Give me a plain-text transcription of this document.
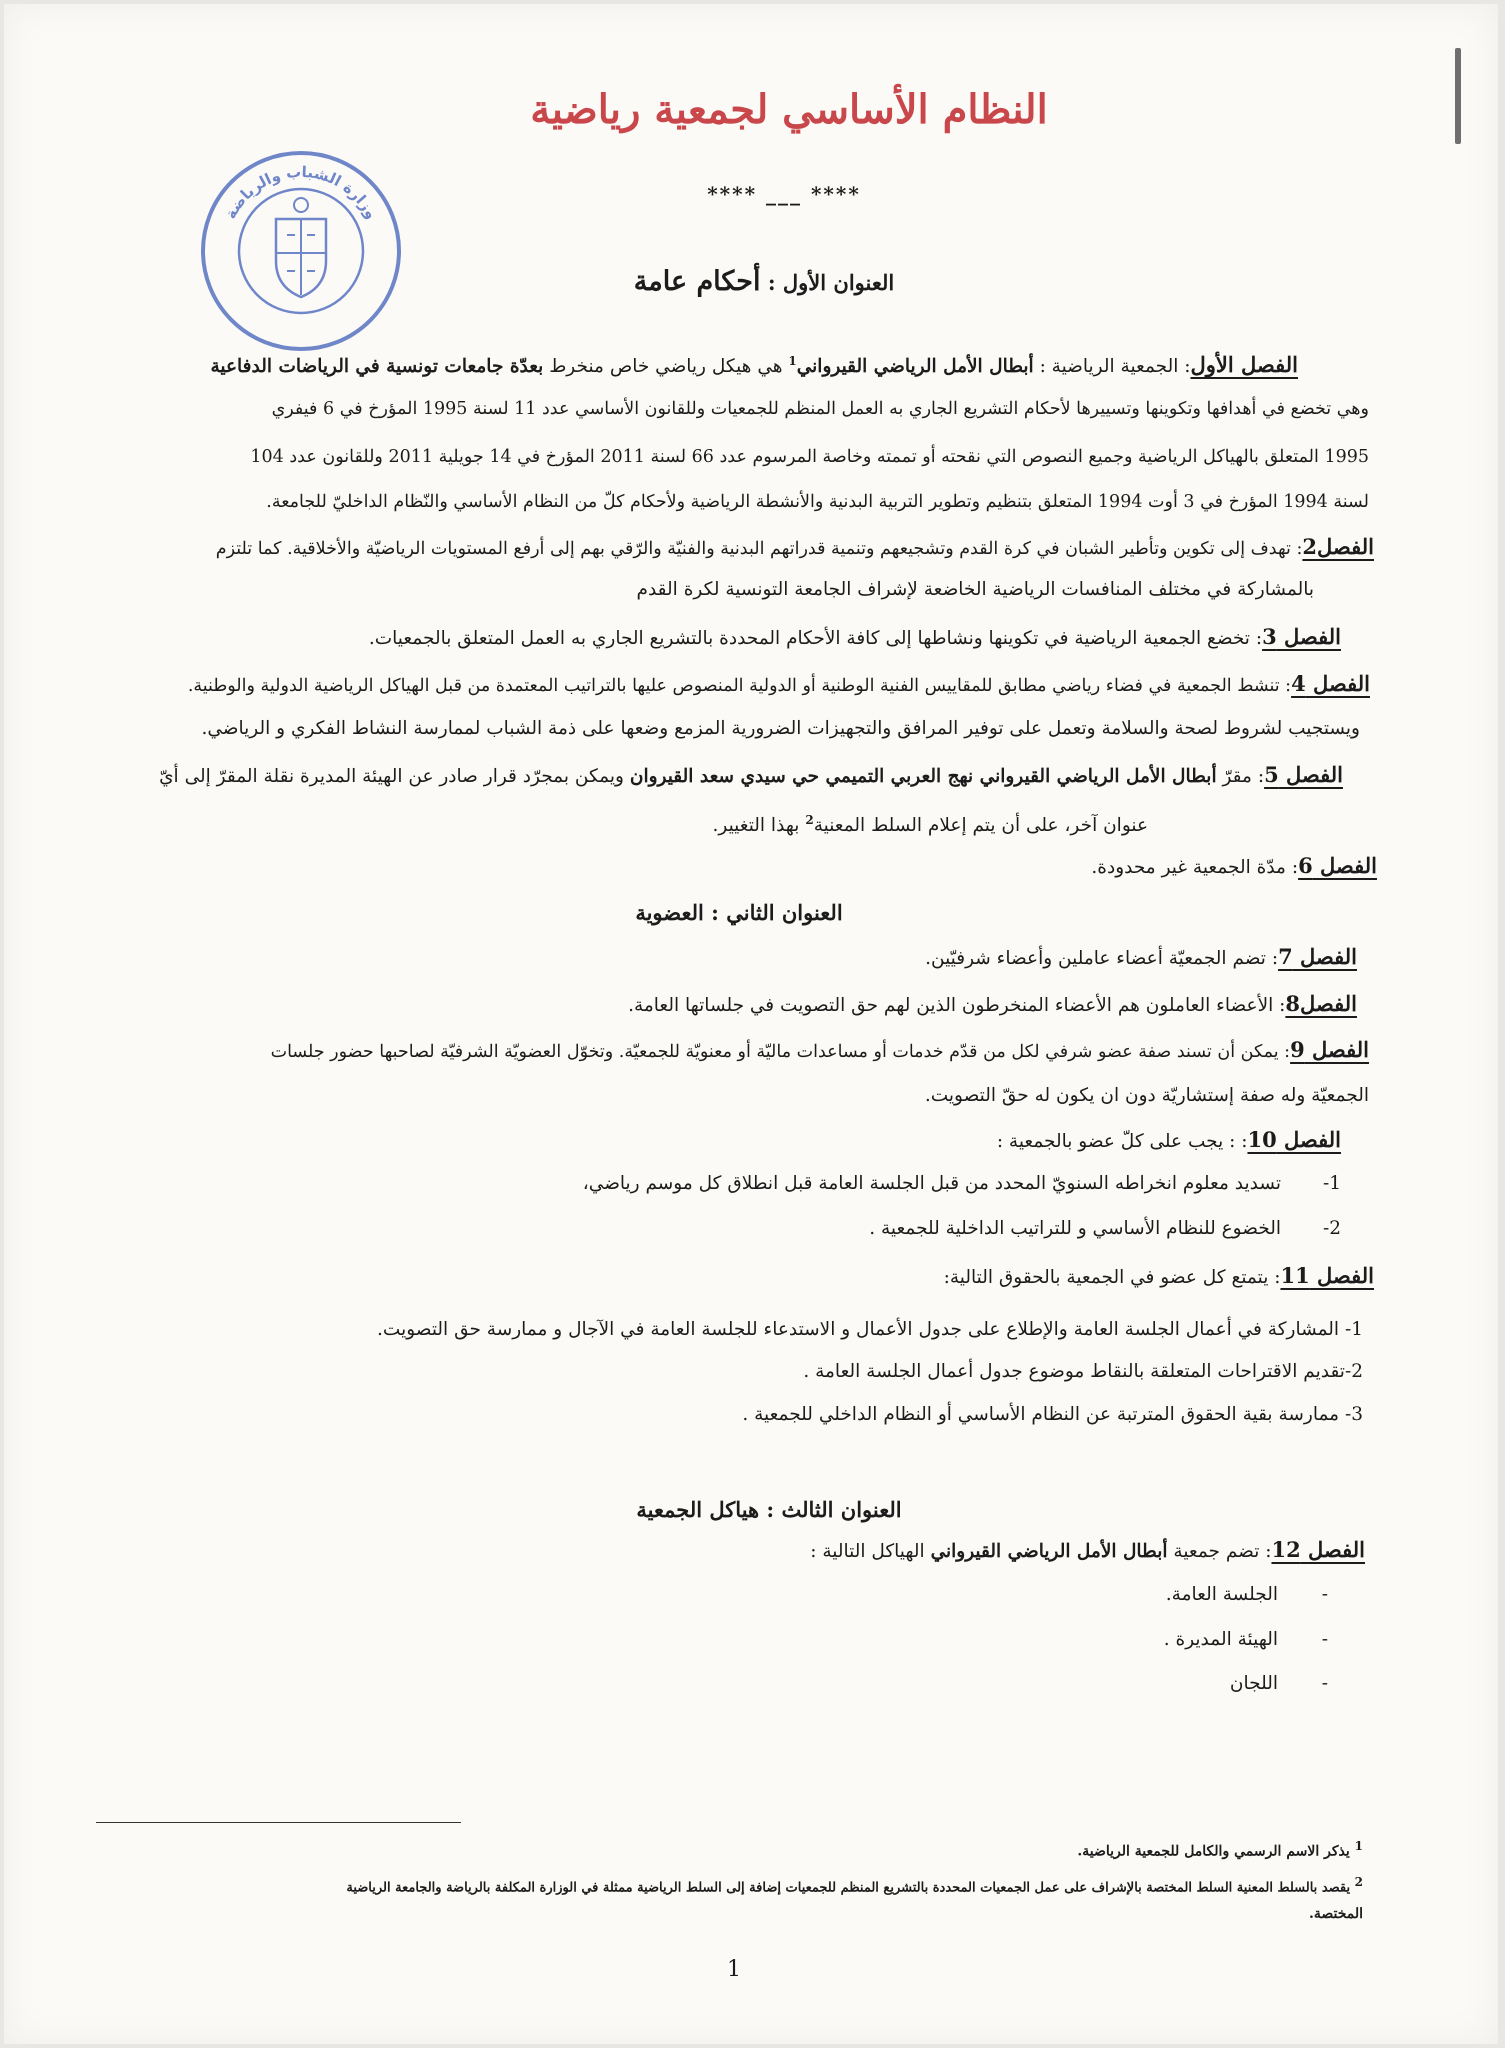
وزارة الشباب والرياضة
النظام الأساسي لجمعية رياضية
**** ___ ****
العنوان الأول : أحكام عامة
الفصل الأول: الجمعية الرياضية : أبطال الأمل الرياضي القيرواني$^1$ هي هيكل رياضي خاص منخرط بعدّة جامعات تونسية في الرياضات الدفاعية
وهي تخضع في أهدافها وتكوينها وتسييرها لأحكام التشريع الجاري به العمل المنظم للجمعيات وللقانون الأساسي عدد 11 لسنة 1995 المؤرخ في 6 فيفري
1995 المتعلق بالهياكل الرياضية وجميع النصوص التي نقحته أو تممته وخاصة المرسوم عدد 66 لسنة 2011 المؤرخ في 14 جويلية 2011 وللقانون عدد 104
لسنة 1994 المؤرخ في 3 أوت 1994 المتعلق بتنظيم وتطوير التربية البدنية والأنشطة الرياضية ولأحكام كلّ من النظام الأساسي والنّظام الداخليّ للجامعة.
الفصل2: تهدف إلى تكوين وتأطير الشبان في كرة القدم وتشجيعهم وتنمية قدراتهم البدنية والفنيّة والرّقي بهم إلى أرفع المستويات الرياضيّة والأخلاقية. كما تلتزم
بالمشاركة في مختلف المنافسات الرياضية الخاضعة لإشراف الجامعة التونسية لكرة القدم
الفصل 3: تخضع الجمعية الرياضية في تكوينها ونشاطها إلى كافة الأحكام المحددة بالتشريع الجاري به العمل المتعلق بالجمعيات.
الفصل 4: تنشط الجمعية في فضاء رياضي مطابق للمقاييس الفنية الوطنية أو الدولية المنصوص عليها بالتراتيب المعتمدة من قبل الهياكل الرياضية الدولية والوطنية.
ويستجيب لشروط لصحة والسلامة وتعمل على توفير المرافق والتجهيزات الضرورية المزمع وضعها على ذمة الشباب لممارسة النشاط الفكري و الرياضي.
الفصل 5: مقرّ أبطال الأمل الرياضي القيرواني نهج العربي التميمي حي سيدي سعد القيروان ويمكن بمجرّد قرار صادر عن الهيئة المديرة نقلة المقرّ إلى أيّ
عنوان آخر، على أن يتم إعلام السلط المعنية$^2$ بهذا التغيير.
الفصل 6: مدّة الجمعية غير محدودة.
العنوان الثاني : العضوية
الفصل 7: تضم الجمعيّة أعضاء عاملين وأعضاء شرفيّين.
الفصل8: الأعضاء العاملون هم الأعضاء المنخرطون الذين لهم حق التصويت في جلساتها العامة.
الفصل 9: يمكن أن تسند صفة عضو شرفي لكل من قدّم خدمات أو مساعدات ماليّة أو معنويّة للجمعيّة. وتخوّل العضويّة الشرفيّة لصاحبها حضور جلسات
الجمعيّة وله صفة إستشاريّة دون ان يكون له حقّ التصويت.
الفصل 10: : يجب على كلّ عضو بالجمعية :
1-تسديد معلوم انخراطه السنويّ المحدد من قبل الجلسة العامة قبل انطلاق كل موسم رياضي،
2-الخضوع للنظام الأساسي و للتراتيب الداخلية للجمعية .
الفصل 11: يتمتع كل عضو في الجمعية بالحقوق التالية:
1- المشاركة في أعمال الجلسة العامة والإطلاع على جدول الأعمال و الاستدعاء للجلسة العامة في الآجال و ممارسة حق التصويت.
2-تقديم الاقتراحات المتعلقة بالنقاط موضوع جدول أعمال الجلسة العامة .
3- ممارسة بقية الحقوق المترتبة عن النظام الأساسي أو النظام الداخلي للجمعية .
العنوان الثالث : هياكل الجمعية
الفصل 12: تضم جمعية أبطال الأمل الرياضي القيرواني الهياكل التالية :
-الجلسة العامة.
-الهيئة المديرة .
-اللجان
1 يذكر الاسم الرسمي والكامل للجمعية الرياضية.
2 يقصد بالسلط المعنية السلط المختصة بالإشراف على عمل الجمعيات المحددة بالتشريع المنظم للجمعيات إضافة إلى السلط الرياضية ممثلة في الوزارة المكلفة بالرياضة والجامعة الرياضية
المختصة.
1
